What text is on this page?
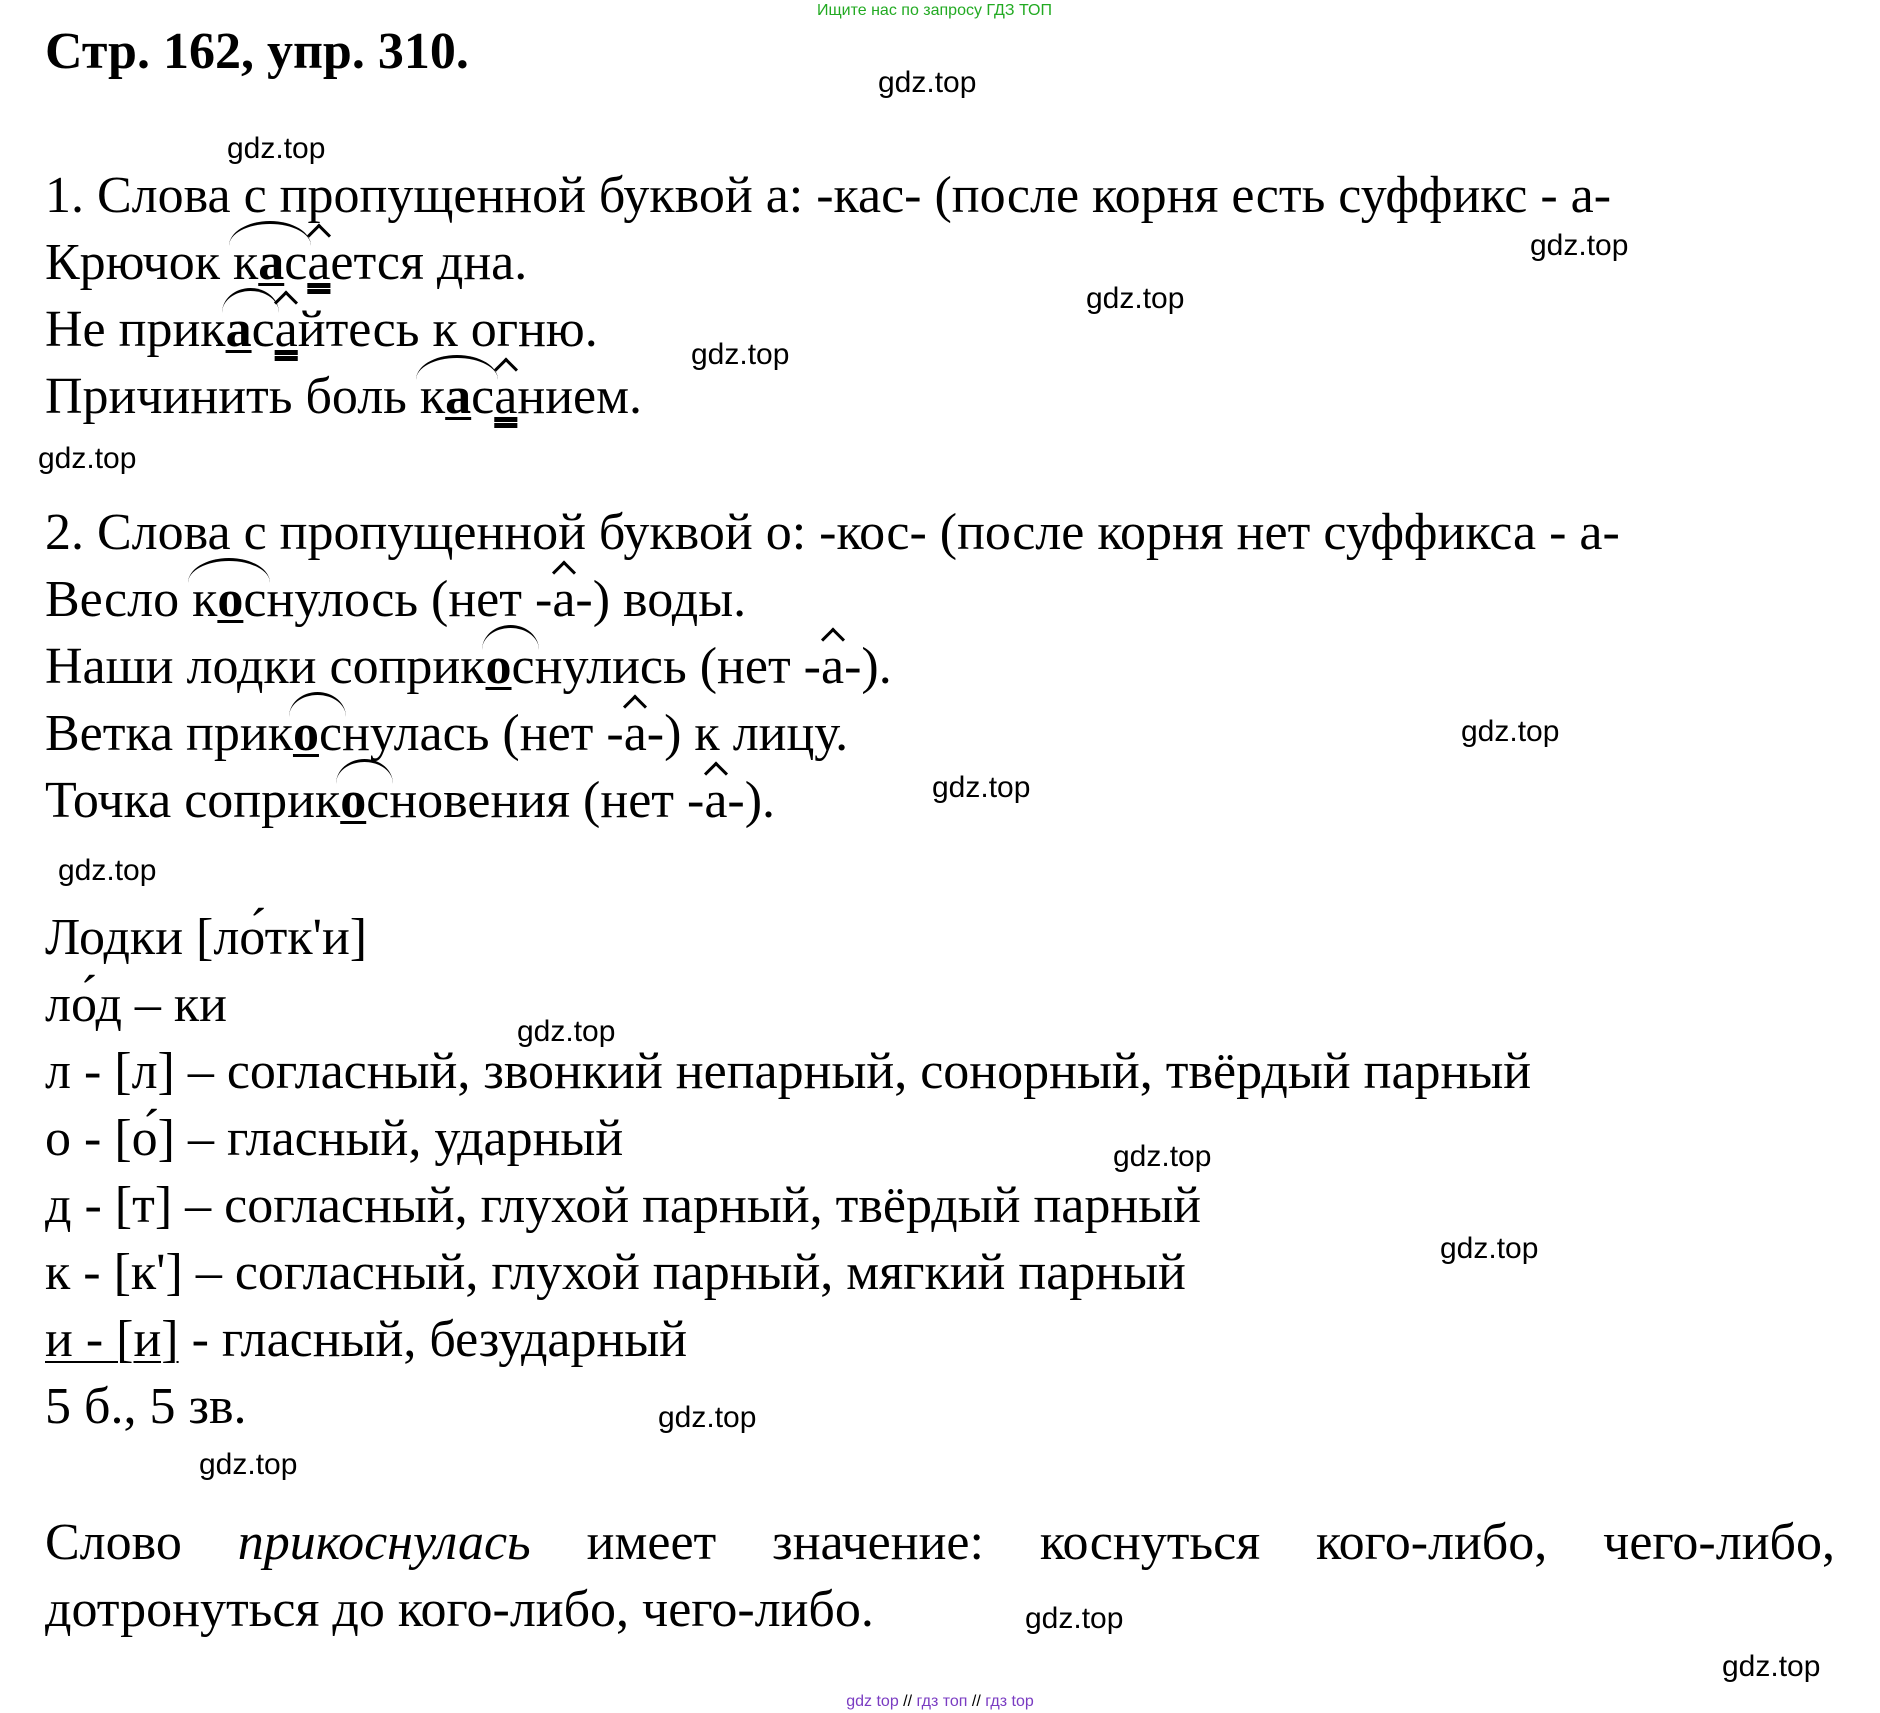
Ищите нас по запросу ГДЗ ТОП
Стр. 162, упр. 310.
1. Слова с пропущенной буквой а: -кас- (после корня есть суффикс - а-
Крючок касается дна.
Не прикасайтесь к огню.
Причинить боль касанием.
2. Слова с пропущенной буквой о: -кос- (после корня нет суффикса - а-
Весло коснулось (нет -а-) воды.
Наши лодки соприкоснулись (нет -а-).
Ветка прикоснулась (нет -а-) к лицу.
Точка соприкосновения (нет -а-).
Лодки [ло́тк'и]
ло́д – ки
л - [л] – согласный, звонкий непарный, сонорный, твёрдый парный
о - [о́] – гласный, ударный
д - [т] – согласный, глухой парный, твёрдый парный
к - [к'] – согласный, глухой парный, мягкий парный
и - [и] - гласный, безударный
5 б., 5 зв.
Слово прикоснулась имеет значение: коснуться кого-либо, чего-либо,
дотронуться до кого-либо, чего-либо.
gdz.top
gdz.top
gdz.top
gdz.top
gdz.top
gdz.top
gdz.top
gdz.top
gdz.top
gdz.top
gdz.top
gdz.top
gdz.top
gdz.top
gdz.top
gdz.top
gdz top // гдз топ // гдз top
